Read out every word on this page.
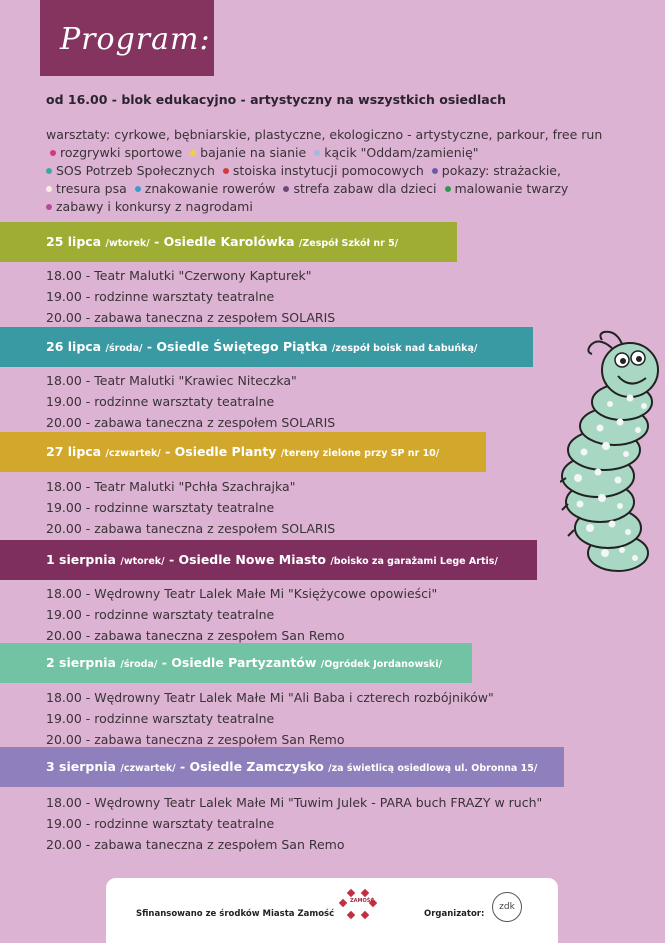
Program:
od 16.00 - blok edukacyjno - artystyczny na wszystkich osiedlach
warsztaty: cyrkowe, bębniarskie, plastyczne, ekologiczno - artystyczne, parkour, free run rozgrywki sportowe bajanie na sianie kącik "Oddam/zamienię"
SOS Potrzeb Społecznych stoiska instytucji pomocowych pokazy: strażackie,
tresura psa znakowanie rowerów strefa zabaw dla dzieci malowanie twarzy
zabawy i konkursy z nagrodami
25 lipca /wtorek/ - Osiedle Karolówka /Zespół Szkół nr 5/
18.00 - Teatr Malutki "Czerwony Kapturek"
19.00 - rodzinne warsztaty teatralne
20.00 - zabawa taneczna z zespołem SOLARIS
26 lipca /środa/ - Osiedle Świętego Piątka /zespół boisk nad Łabuńką/
18.00 - Teatr Malutki "Krawiec Niteczka"
19.00 - rodzinne warsztaty teatralne
20.00 - zabawa taneczna z zespołem SOLARIS
27 lipca /czwartek/ - Osiedle Planty /tereny zielone przy SP nr 10/
18.00 - Teatr Malutki "Pchła Szachrajka"
19.00 - rodzinne warsztaty teatralne
20.00 - zabawa taneczna z zespołem SOLARIS
1 sierpnia /wtorek/ - Osiedle Nowe Miasto /boisko za garażami Lege Artis/
18.00 - Wędrowny Teatr Lalek Małe Mi "Księżycowe opowieści"
19.00 - rodzinne warsztaty teatralne
20.00 - zabawa taneczna z zespołem San Remo
2 sierpnia /środa/ - Osiedle Partyzantów /Ogródek Jordanowski/
18.00 - Wędrowny Teatr Lalek Małe Mi "Ali Baba i czterech rozbójników"
19.00 - rodzinne warsztaty teatralne
20.00 - zabawa taneczna z zespołem San Remo
3 sierpnia /czwartek/ - Osiedle Zamczysko /za świetlicą osiedlową ul. Obronna 15/
18.00 - Wędrowny Teatr Lalek Małe Mi "Tuwim Julek - PARA buch FRAZY w ruch"
19.00 - rodzinne warsztaty teatralne
20.00 - zabawa taneczna z zespołem San Remo
Sfinansowano ze środków Miasta Zamość
ZAMOŚĆ
Organizator:
zdk
